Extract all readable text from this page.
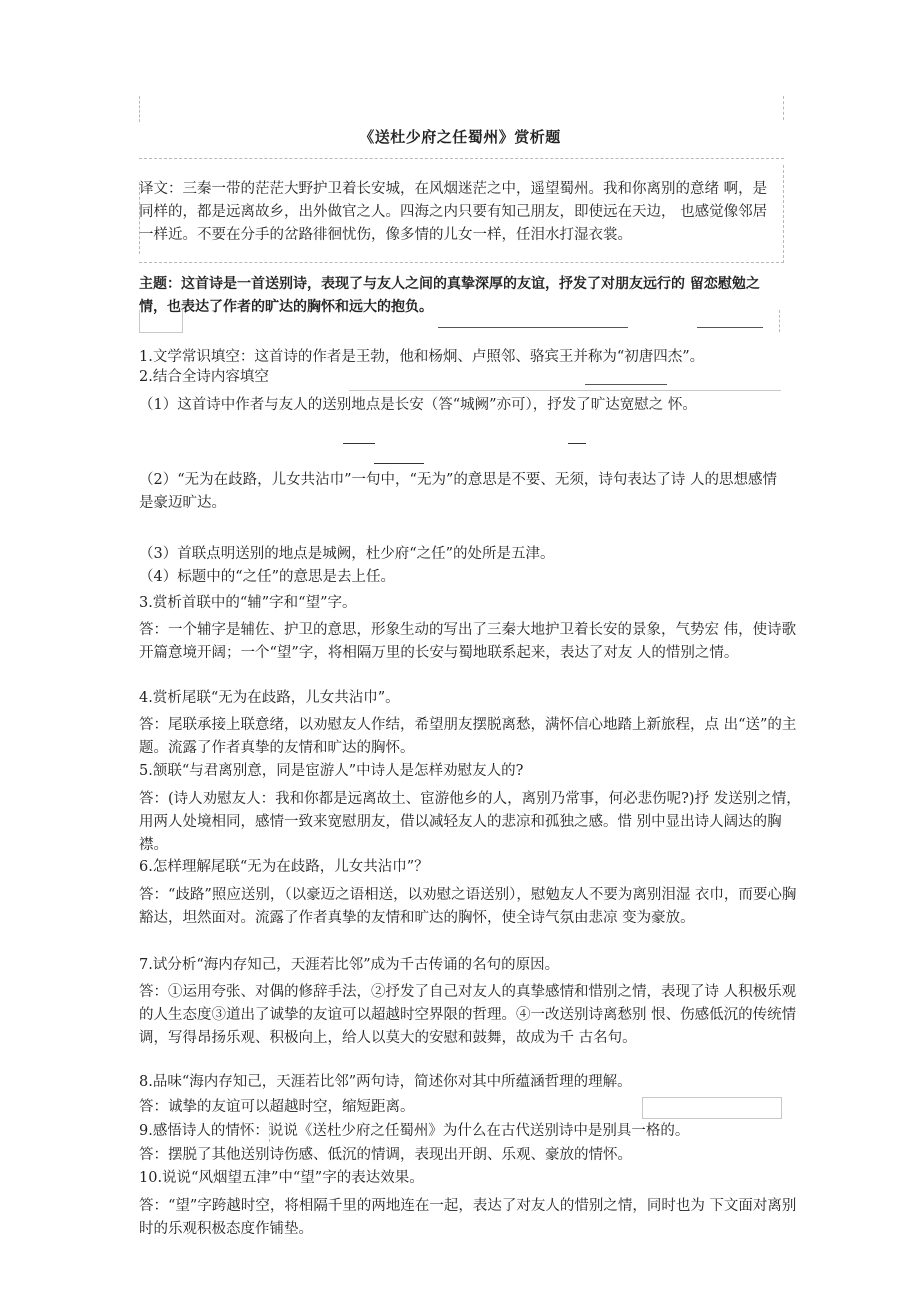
《送杜少府之任蜀州》赏析题
译文：三秦一带的茫茫大野护卫着长安城，在风烟迷茫之中，遥望蜀州。我和你离别的意绪 啊，是同样的，都是远离故乡，出外做官之人。四海之内只要有知己朋友，即使远在天边， 也感觉像邻居一样近。不要在分手的岔路徘徊忧伤，像多情的儿女一样，任泪水打湿衣裳。
主题：这首诗是一首送别诗，表现了与友人之间的真挚深厚的友谊，抒发了对朋友远行的 留恋慰勉之情，也表达了作者的旷达的胸怀和远大的抱负。
1.文学常识填空：这首诗的作者是王勃，他和杨炯、卢照邻、骆宾王并称为“初唐四杰”。
2.结合全诗内容填空
（1）这首诗中作者与友人的送别地点是长安（答“城阙”亦可），抒发了旷达宽慰之 怀。
（2）“无为在歧路，儿女共沾巾”一句中，“无为”的意思是不要、无须，诗句表达了诗 人的思想感情是豪迈旷达。
（3）首联点明送别的地点是城阙，杜少府“之任”的处所是五津。
（4）标题中的“之任”的意思是去上任。
3.赏析首联中的“辅”字和“望”字。
答：一个辅字是辅佐、护卫的意思，形象生动的写出了三秦大地护卫着长安的景象，气势宏 伟，使诗歌开篇意境开阔；一个“望”字，将相隔万里的长安与蜀地联系起来，表达了对友 人的惜别之情。
4.赏析尾联“无为在歧路，儿女共沾巾”。
答：尾联承接上联意绪，以劝慰友人作结，希望朋友摆脱离愁，满怀信心地踏上新旅程，点 出“送”的主题。流露了作者真挚的友情和旷达的胸怀。
5.颔联“与君离别意，同是宦游人”中诗人是怎样劝慰友人的?
答：(诗人劝慰友人：我和你都是远离故土、宦游他乡的人，离别乃常事，何必悲伤呢?)抒 发送别之情，用两人处境相同，感情一致来宽慰朋友，借以减轻友人的悲凉和孤独之感。惜 别中显出诗人阔达的胸襟。
6.怎样理解尾联“无为在歧路，儿女共沾巾”？
答：“歧路”照应送别，（以豪迈之语相送，以劝慰之语送别），慰勉友人不要为离别泪湿 衣巾，而要心胸豁达，坦然面对。流露了作者真挚的友情和旷达的胸怀，使全诗气氛由悲凉 变为豪放。
7.试分析“海内存知己，天涯若比邻”成为千古传诵的名句的原因。
答：①运用夸张、对偶的修辞手法，②抒发了自己对友人的真挚感情和惜别之情，表现了诗 人积极乐观的人生态度③道出了诚挚的友谊可以超越时空界限的哲理。④一改送别诗离愁别 恨、伤感低沉的传统情调，写得昂扬乐观、积极向上，给人以莫大的安慰和鼓舞，故成为千 古名句。
8.品味“海内存知己，天涯若比邻”两句诗，简述你对其中所蕴涵哲理的理解。
答：诚挚的友谊可以超越时空，缩短距离。
9.感悟诗人的情怀：说说《送杜少府之任蜀州》为什么在古代送别诗中是别具一格的。
答：摆脱了其他送别诗伤感、低沉的情调，表现出开朗、乐观、豪放的情怀。
10.说说“风烟望五津”中“望”字的表达效果。
答：“望”字跨越时空，将相隔千里的两地连在一起，表达了对友人的惜别之情，同时也为 下文面对离别时的乐观积极态度作铺垫。
